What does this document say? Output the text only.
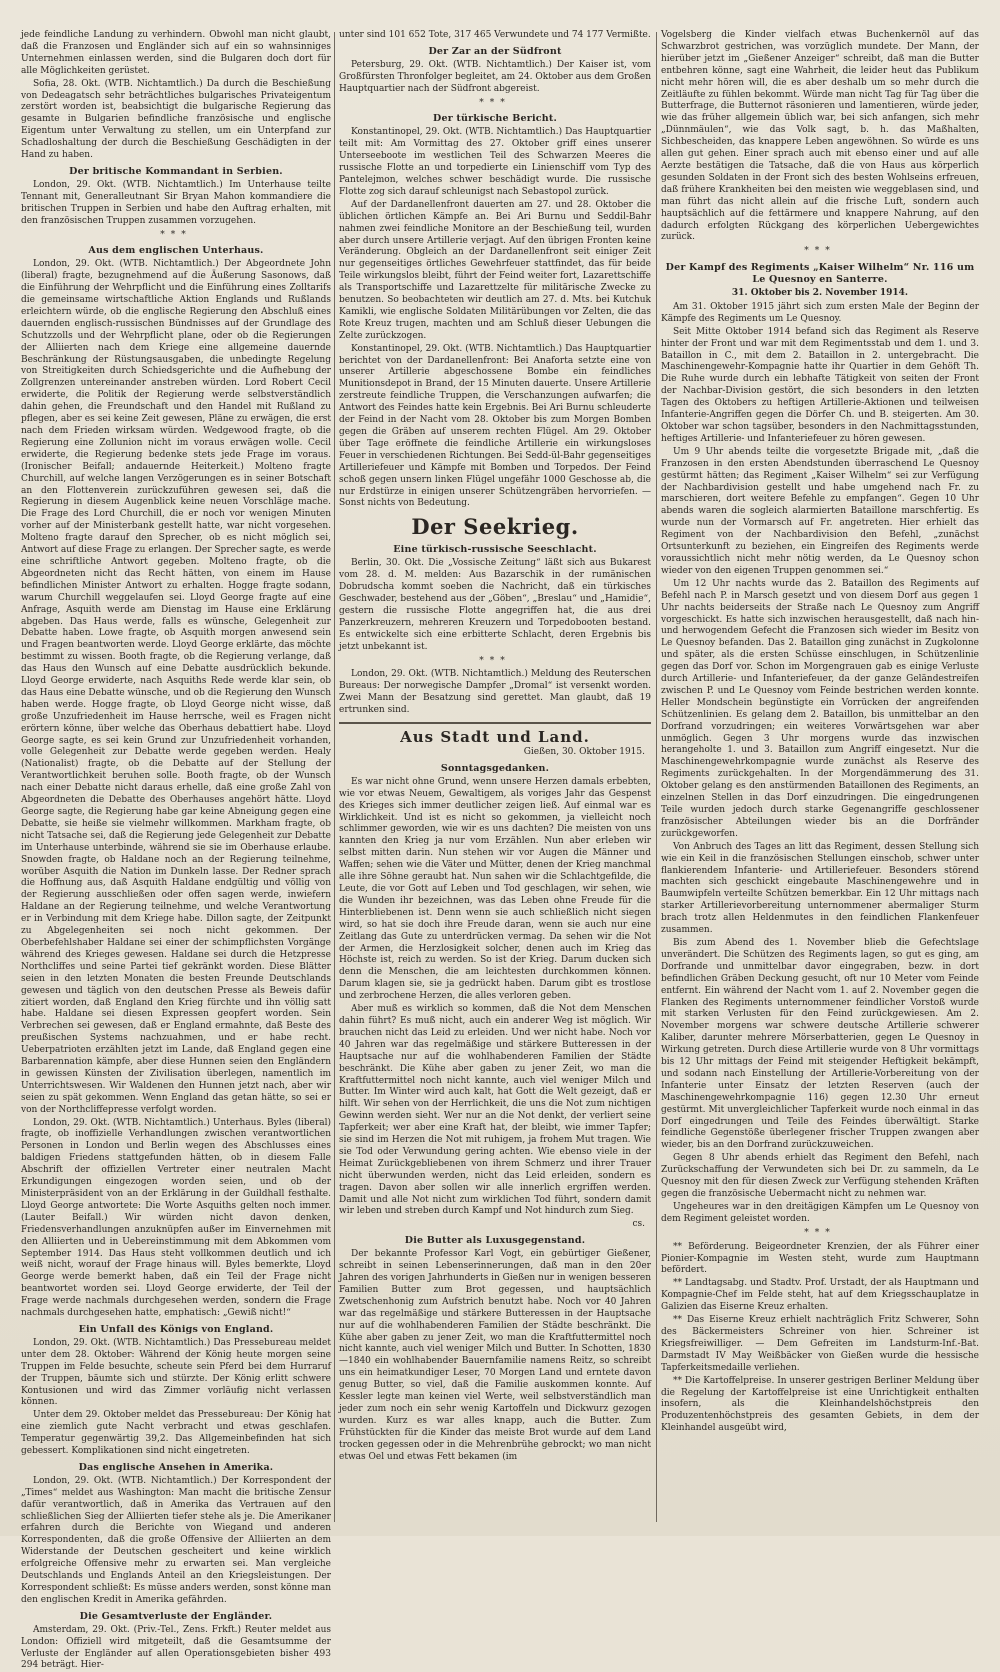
jede feindliche Landung zu verhindern. Obwohl man nicht glaubt, daß die Franzosen und Engländer sich auf ein so wahnsinniges Unternehmen einlassen werden, sind die Bulgaren doch dort für alle Möglichkeiten gerüstet.

Sofia, 28. Okt. (WTB. Nichtamtlich.) Da durch die Beschießung von Dedeagatsch sehr beträchtliches bulgarisches Privateigentum zerstört worden ist, beabsichtigt die bulgarische Regierung das gesamte in Bulgarien befindliche französische und englische Eigentum unter Verwaltung zu stellen, um ein Unterpfand zur Schadloshaltung der durch die Beschießung Geschädigten in der Hand zu haben.

Der britische Kommandant in Serbien.

London, 29. Okt. (WTB. Nichtamtlich.) Im Unterhause teilte Tennant mit, Generalleutnant Sir Bryan Mahon kommandiere die britischen Truppen in Serbien und habe den Auftrag erhalten, mit den französischen Truppen zusammen vorzugehen.

***
Aus dem englischen Unterhaus.

London, 29. Okt. (WTB. Nichtamtlich.) Der Abgeordnete John (liberal) fragte, bezugnehmend auf die Äußerung Sasonows, daß die Einführung der Wehrpflicht und die Einführung eines Zolltarifs die gemeinsame wirtschaftliche Aktion Englands und Rußlands erleichtern würde, ob die englische Regierung den Abschluß eines dauernden englisch-russischen Bündnisses auf der Grundlage des Schutzzolls und der Wehrpflicht plane, oder ob die Regierungen der Alliierten nach dem Kriege eine allgemeine dauernde Beschränkung der Rüstungsausgaben, die unbedingte Regelung von Streitigkeiten durch Schiedsgerichte und die Aufhebung der Zollgrenzen untereinander anstreben würden. Lord Robert Cecil erwiderte, die Politik der Regierung werde selbstverständlich dahin gehen, die Freundschaft und den Handel mit Rußland zu pflegen, aber es sei keine Zeit gewesen, Pläne zu erwägen, die erst nach dem Frieden wirksam würden. Wedgewood fragte, ob die Regierung eine Zollunion nicht im voraus erwägen wolle. Cecil erwiderte, die Regierung bedenke stets jede Frage im voraus. (Ironischer Beifall; andauernde Heiterkeit.) Molteno fragte Churchill, auf welche langen Verzögerungen es in seiner Botschaft an den Flottenverein zurückzuführen gewesen sei, daß die Regierung in diesem Augenblick keine neuen Vorschläge mache. Die Frage des Lord Churchill, die er noch vor wenigen Minuten vorher auf der Ministerbank gestellt hatte, war nicht vorgesehen. Molteno fragte darauf den Sprecher, ob es nicht möglich sei, Antwort auf diese Frage zu erlangen. Der Sprecher sagte, es werde eine schriftliche Antwort gegeben. Molteno fragte, ob die Abgeordneten nicht das Recht hätten, von einem im Hause befindlichen Minister Antwort zu erhalten. Hogge fragte sodann, warum Churchill weggelaufen sei. Lloyd George fragte auf eine Anfrage, Asquith werde am Dienstag im Hause eine Erklärung abgeben. Das Haus werde, falls es wünsche, Gelegenheit zur Debatte haben. Lowe fragte, ob Asquith morgen anwesend sein und Fragen beantworten werde. Lloyd George erklärte, das möchte bestimmt zu wissen. Booth fragte, ob die Regierung verlange, daß das Haus den Wunsch auf eine Debatte ausdrücklich bekunde. Lloyd George erwiderte, nach Asquiths Rede werde klar sein, ob das Haus eine Debatte wünsche, und ob die Regierung den Wunsch haben werde. Hogge fragte, ob Lloyd George nicht wisse, daß große Unzufriedenheit im Hause herrsche, weil es Fragen nicht erörtern könne, über welche das Oberhaus debattiert habe. Lloyd George sagte, es sei kein Grund zur Unzufriedenheit vorhanden, volle Gelegenheit zur Debatte werde gegeben werden. Healy (Nationalist) fragte, ob die Debatte auf der Stellung der Verantwortlichkeit beruhen solle. Booth fragte, ob der Wunsch nach einer Debatte nicht daraus erhelle, daß eine große Zahl von Abgeordneten die Debatte des Oberhauses angehört hätte. Lloyd George sagte, die Regierung habe gar keine Abneigung gegen eine Debatte, sie heiße sie vielmehr willkommen. Markham fragte, ob nicht Tatsache sei, daß die Regierung jede Gelegenheit zur Debatte im Unterhause unterbinde, während sie sie im Oberhause erlaube. Snowden fragte, ob Haldane noch an der Regierung teilnehme, worüber Asquith die Nation im Dunkeln lasse. Der Redner sprach die Hoffnung aus, daß Asquith Haldane endgültig und völlig von der Regierung ausschließen oder offen sagen werde, inwiefern Haldane an der Regierung teilnehme, und welche Verantwortung er in Verbindung mit dem Kriege habe. Dillon sagte, der Zeitpunkt zu Abgelegenheiten sei noch nicht gekommen. Der Oberbefehlshaber Haldane sei einer der schimpflichsten Vorgänge während des Krieges gewesen. Haldane sei durch die Hetzpresse Northcliffes und seine Partei tief gekränkt worden. Diese Blätter seien in den letzten Monaten die besten Freunde Deutschlands gewesen und täglich von den deutschen Presse als Beweis dafür zitiert worden, daß England den Krieg fürchte und ihn völlig satt habe. Haldane sei diesen Expressen geopfert worden. Sein Verbrechen sei gewesen, daß er England ermahnte, daß Beste des preußischen Systems nachzuahmen, und er habe recht. Ueberpatrioten erzählten jetzt im Lande, daß England gegen eine Barbarennation kämpfe, aber diese Hunnen seien den Engländern in gewissen Künsten der Zivilisation überlegen, namentlich im Unterrichtswesen. Wir Waldenen den Hunnen jetzt nach, aber wir seien zu spät gekommen. Wenn England das getan hätte, so sei er von der Northcliffepresse verfolgt worden.

London, 29. Okt. (WTB. Nichtamtlich.) Unterhaus. Byles (liberal) fragte, ob inoffizielle Verhandlungen zwischen verantwortlichen Personen in London und Berlin wegen des Abschlusses eines baldigen Friedens stattgefunden hätten, ob in diesem Falle Abschrift der offiziellen Vertreter einer neutralen Macht Erkundigungen eingezogen worden seien, und ob der Ministerpräsident von an der Erklärung in der Guildhall festhalte. Lloyd George antwortete: Die Worte Asquiths gelten noch immer. (Lauter Beifall.) Wir würden nicht davon denken, Friedensverhandlungen anzuknüpfen außer im Einvernehmen mit den Alliierten und in Uebereinstimmung mit dem Abkommen vom September 1914. Das Haus steht vollkommen deutlich und ich weiß nicht, worauf der Frage hinaus will. Byles bemerkte, Lloyd George werde bemerkt haben, daß ein Teil der Frage nicht beantwortet worden sei. Lloyd George erwiderte, der Teil der Frage werde nachmals durchgesehen werden, sondern die Frage nachmals durchgesehen hatte, emphatisch: „Gewiß nicht!“

Ein Unfall des Königs von England.

London, 29. Okt. (WTB. Nichtamtlich.) Das Pressebureau meldet unter dem 28. Oktober: Während der König heute morgen seine Truppen im Felde besuchte, scheute sein Pferd bei dem Hurraruf der Truppen, bäumte sich und stürzte. Der König erlitt schwere Kontusionen und wird das Zimmer vorläufig nicht verlassen können.

Unter dem 29. Oktober meldet das Pressebureau: Der König hat eine ziemlich gute Nacht verbracht und etwas geschlafen. Temperatur gegenwärtig 39,2. Das Allgemeinbefinden hat sich gebessert. Komplikationen sind nicht eingetreten.

Das englische Ansehen in Amerika.

London, 29. Okt. (WTB. Nichtamtlich.) Der Korrespondent der „Times“ meldet aus Washington: Man macht die britische Zensur dafür verantwortlich, daß in Amerika das Vertrauen auf den schließlichen Sieg der Alliierten tiefer stehe als je. Die Amerikaner erfahren durch die Berichte von Wiegand und anderen Korrespondenten, daß die große Offensive der Alliierten an dem Widerstande der Deutschen gescheitert und keine wirklich erfolgreiche Offensive mehr zu erwarten sei. Man vergleiche Deutschlands und Englands Anteil an den Kriegsleistungen. Der Korrespondent schließt: Es müsse anders werden, sonst könne man den englischen Kredit in Amerika gefährden.

Die Gesamtverluste der Engländer.

Amsterdam, 29. Okt. (Priv.-Tel., Zens. Frkft.) Reuter meldet aus London: Offiziell wird mitgeteilt, daß die Gesamtsumme der Verluste der Engländer auf allen Operationsgebieten bisher 493 294 beträgt. Hier-

unter sind 101 652 Tote, 317 465 Verwundete und 74 177 Vermißte.

Der Zar an der Südfront

Petersburg, 29. Okt. (WTB. Nichtamtlich.) Der Kaiser ist, vom Großfürsten Thronfolger begleitet, am 24. Oktober aus dem Großen Hauptquartier nach der Südfront abgereist.

***
Der türkische Bericht.

Konstantinopel, 29. Okt. (WTB. Nichtamtlich.) Das Hauptquartier teilt mit: Am Vormittag des 27. Oktober griff eines unserer Unterseeboote im westlichen Teil des Schwarzen Meeres die russische Flotte an und torpedierte ein Linienschiff vom Typ des Pantelejmon, welches schwer beschädigt wurde. Die russische Flotte zog sich darauf schleunigst nach Sebastopol zurück.

Auf der Dardanellenfront dauerten am 27. und 28. Oktober die üblichen örtlichen Kämpfe an. Bei Ari Burnu und Seddil-Bahr nahmen zwei feindliche Monitore an der Beschießung teil, wurden aber durch unsere Artillerie verjagt. Auf den übrigen Fronten keine Veränderung. Obgleich an der Dardanellenfront seit einiger Zeit nur gegenseitiges örtliches Gewehrfeuer stattfindet, das für beide Teile wirkungslos bleibt, führt der Feind weiter fort, Lazarettschiffe als Transportschiffe und Lazarettzelte für militärische Zwecke zu benutzen. So beobachteten wir deutlich am 27. d. Mts. bei Kutchuk Kamikli, wie englische Soldaten Militärübungen vor Zelten, die das Rote Kreuz trugen, machten und am Schluß dieser Uebungen die Zelte zurückzogen.

Konstantinopel, 29. Okt. (WTB. Nichtamtlich.) Das Hauptquartier berichtet von der Dardanellenfront: Bei Anaforta setzte eine von unserer Artillerie abgeschossene Bombe ein feindliches Munitionsdepot in Brand, der 15 Minuten dauerte. Unsere Artillerie zerstreute feindliche Truppen, die Verschanzungen aufwarfen; die Antwort des Feindes hatte kein Ergebnis. Bei Ari Burnu schleuderte der Feind in der Nacht vom 28. Oktober bis zum Morgen Bomben gegen die Gräben auf unserem rechten Flügel. Am 29. Oktober über Tage eröffnete die feindliche Artillerie ein wirkungsloses Feuer in verschiedenen Richtungen. Bei Sedd-ül-Bahr gegenseitiges Artilleriefeuer und Kämpfe mit Bomben und Torpedos. Der Feind schoß gegen unsern linken Flügel ungefähr 1000 Geschosse ab, die nur Erdstürze in einigen unserer Schützengräben hervorriefen. — Sonst nichts von Bedeutung.

Der Seekrieg.
Eine türkisch-russische Seeschlacht.

Berlin, 30. Okt. Die „Vossische Zeitung“ läßt sich aus Bukarest vom 28. d. M. melden: Aus Bazarschik in der rumänischen Dobrudscha kommt soeben die Nachricht, daß ein türkisches Geschwader, bestehend aus der „Göben“, „Breslau“ und „Hamidie“, gestern die russische Flotte angegriffen hat, die aus drei Panzerkreuzern, mehreren Kreuzern und Torpedobooten bestand. Es entwickelte sich eine erbitterte Schlacht, deren Ergebnis bis jetzt unbekannt ist.

***

London, 29. Okt. (WTB. Nichtamtlich.) Meldung des Reuterschen Bureaus: Der norwegische Dampfer „Dromal“ ist versenkt worden. Zwei Mann der Besatzung sind gerettet. Man glaubt, daß 19 ertrunken sind.

Aus Stadt und Land.
Gießen, 30. Oktober 1915.
Sonntagsgedanken.

Es war nicht ohne Grund, wenn unsere Herzen damals erbebten, wie vor etwas Neuem, Gewaltigem, als voriges Jahr das Gespenst des Krieges sich immer deutlicher zeigen ließ. Auf einmal war es Wirklichkeit. Und ist es nicht so gekommen, ja vielleicht noch schlimmer geworden, wie wir es uns dachten? Die meisten von uns kannten den Krieg ja nur vom Erzählen. Nun aber erleben wir selbst mitten darin. Nun stehen wir vor Augen die Männer und Waffen; sehen wie die Väter und Mütter, denen der Krieg manchmal alle ihre Söhne geraubt hat. Nun sahen wir die Schlachtgefilde, die Leute, die vor Gott auf Leben und Tod geschlagen, wir sehen, wie die Wunden ihr bezeichnen, was das Leben ohne Freude für die Hinterbliebenen ist. Denn wenn sie auch schließlich nicht siegen wird, so hat sie doch ihre Freude daran, wenn sie auch nur eine Zeitlang das Gute zu unterdrücken vermag. Da sehen wir die Not der Armen, die Herzlosigkeit solcher, denen auch im Krieg das Höchste ist, reich zu werden. So ist der Krieg. Darum ducken sich denn die Menschen, die am leichtesten durchkommen können. Darum klagen sie, sie ja gedrückt haben. Darum gibt es trostlose und zerbrochene Herzen, die alles verloren geben.

Aber muß es wirklich so kommen, daß die Not dem Menschen dahin führt? Es muß nicht, auch ein anderer Weg ist möglich. Wir brauchen nicht das Leid zu erleiden. Und wer nicht habe. Noch vor 40 Jahren war das regelmäßige und stärkere Butteressen in der Hauptsache nur auf die wohlhabenderen Familien der Städte beschränkt. Die Kühe aber gaben zu jener Zeit, wo man die Kraftfuttermittel noch nicht kannte, auch viel weniger Milch und Butter. Im Winter wird auch kalt, hat Gott die Welt gezeigt, daß er hilft. Wir sehen von der Herrlichkeit, die uns die Not zum nichtigen Gewinn werden sieht. Wer nur an die Not denkt, der verliert seine Tapferkeit; wer aber eine Kraft hat, der bleibt, wie immer Tapfer; sie sind im Herzen die Not mit ruhigem, ja frohem Mut tragen. Wie sie Tod oder Verwundung gering achten. Wie ebenso viele in der Heimat Zurückgebliebenen von ihrem Schmerz und ihrer Trauer nicht überwunden werden, nicht das Leid erleiden, sondern es tragen. Davon aber sollen wir alle innerlich ergriffen werden. Damit und alle Not nicht zum wirklichen Tod führt, sondern damit wir leben und streben durch Kampf und Not hindurch zum Sieg.

cs.
Die Butter als Luxusgegenstand.

Der bekannte Professor Karl Vogt, ein gebürtiger Gießener, schreibt in seinen Lebenserinnerungen, daß man in den 20er Jahren des vorigen Jahrhunderts in Gießen nur in wenigen besseren Familien Butter zum Brot gegessen, und hauptsächlich Zwetschenhonig zum Aufstrich benutzt habe. Noch vor 40 Jahren war das regelmäßige und stärkere Butteressen in der Hauptsache nur auf die wohlhabenderen Familien der Städte beschränkt. Die Kühe aber gaben zu jener Zeit, wo man die Kraftfuttermittel noch nicht kannte, auch viel weniger Milch und Butter. In Schotten, 1830—1840 ein wohlhabender Bauernfamilie namens Reitz, so schreibt uns ein heimatkundiger Leser, 70 Morgen Land und erntete davon genug Butter, so viel, daß die Familie auskommen konnte. Auf Kessler legte man keinen viel Werte, weil selbstverständlich man jeder zum noch ein sehr wenig Kartoffeln und Dickwurz gezogen wurden. Kurz es war alles knapp, auch die Butter. Zum Frühstückten für die Kinder das meiste Brot wurde auf dem Land trocken gegessen oder in die Mehrenbrühe gebrockt; wo man nicht etwas Oel und etwas Fett bekamen (im

Vogelsberg die Kinder vielfach etwas Buchenkernöl auf das Schwarzbrot gestrichen, was vorzüglich mundete. Der Mann, der hierüber jetzt im „Gießener Anzeiger“ schreibt, daß man die Butter entbehren könne, sagt eine Wahrheit, die leider heut das Publikum nicht mehr hören will, die es aber deshalb um so mehr durch die Zeitläufte zu fühlen bekommt. Würde man nicht Tag für Tag über die Butterfrage, die Butternot räsonieren und lamentieren, würde jeder, wie das früher allgemein üblich war, bei sich anfangen, sich mehr „Dünnmäulen“, wie das Volk sagt, b. h. das Maßhalten, Sichbescheiden, das knappere Leben angewöhnen. So würde es uns allen gut gehen. Einer sprach auch mit ebenso einer und auf alle Aerzte bestätigen die Tatsache, daß die von Haus aus körperlich gesunden Soldaten in der Front sich des besten Wohlseins erfreuen, daß frühere Krankheiten bei den meisten wie weggeblasen sind, und man führt das nicht allein auf die frische Luft, sondern auch hauptsächlich auf die fettärmere und knappere Nahrung, auf den dadurch erfolgten Rückgang des körperlichen Uebergewichtes zurück.

***
Der Kampf des Regiments „Kaiser Wilhelm“ Nr. 116 um Le Quesnoy en Santerre.
31. Oktober bis 2. November 1914.

Am 31. Oktober 1915 jährt sich zum ersten Male der Beginn der Kämpfe des Regiments um Le Quesnoy.

Seit Mitte Oktober 1914 befand sich das Regiment als Reserve hinter der Front und war mit dem Regimentsstab und dem 1. und 3. Bataillon in C., mit dem 2. Bataillon in 2. untergebracht. Die Maschinengewehr-Kompagnie hatte ihr Quartier in dem Gehöft Th. Die Ruhe wurde durch ein lebhafte Tätigkeit von seiten der Front der Nachbar-Division gestört, die sich besonders in den letzten Tagen des Oktobers zu heftigen Artillerie-Aktionen und teilweisen Infanterie-Angriffen gegen die Dörfer Ch. und B. steigerten. Am 30. Oktober war schon tagsüber, besonders in den Nachmittagsstunden, heftiges Artillerie- und Infanteriefeuer zu hören gewesen.

Um 9 Uhr abends teilte die vorgesetzte Brigade mit, „daß die Franzosen in den ersten Abendstunden überraschend Le Quesnoy gestürmt hätten; das Regiment „Kaiser Wilhelm“ sei zur Verfügung der Nachbardivision gestellt und habe umgehend nach Fr. zu marschieren, dort weitere Befehle zu empfangen“. Gegen 10 Uhr abends waren die sogleich alarmierten Bataillone marschfertig. Es wurde nun der Vormarsch auf Fr. angetreten. Hier erhielt das Regiment von der Nachbardivision den Befehl, „zunächst Ortsunterkunft zu beziehen, ein Eingreifen des Regiments werde voraussichtlich nicht mehr nötig werden, da Le Quesnoy schon wieder von den eigenen Truppen genommen sei.“

Um 12 Uhr nachts wurde das 2. Bataillon des Regiments auf Befehl nach P. in Marsch gesetzt und von diesem Dorf aus gegen 1 Uhr nachts beiderseits der Straße nach Le Quesnoy zum Angriff vorgeschickt. Es hatte sich inzwischen herausgestellt, daß nach hin- und herwogendem Gefecht die Franzosen sich wieder im Besitz von Le Quesnoy befanden. Das 2. Bataillon ging zunächst in Zugkolonne und später, als die ersten Schüsse einschlugen, in Schützenlinie gegen das Dorf vor. Schon im Morgengrauen gab es einige Verluste durch Artillerie- und Infanteriefeuer, da der ganze Geländestreifen zwischen P. und Le Quesnoy vom Feinde bestrichen werden konnte. Heller Mondschein begünstigte ein Vorrücken der angreifenden Schützenlinien. Es gelang dem 2. Bataillon, bis unmittelbar an den Dorfrand vorzudringen; ein weiteres Vorwärtsgehen war aber unmöglich. Gegen 3 Uhr morgens wurde das inzwischen herangeholte 1. und 3. Bataillon zum Angriff eingesetzt. Nur die Maschinengewehrkompagnie wurde zunächst als Reserve des Regiments zurückgehalten. In der Morgendämmerung des 31. Oktober gelang es den anstürmenden Bataillonen des Regiments, an einzelnen Stellen in das Dorf einzudringen. Die eingedrungenen Teile wurden jedoch durch starke Gegenangriffe geschlossener französischer Abteilungen wieder bis an die Dorfränder zurückgeworfen.

Von Anbruch des Tages an litt das Regiment, dessen Stellung sich wie ein Keil in die französischen Stellungen einschob, schwer unter flankierendem Infanterie- und Artilleriefeuer. Besonders störend machten sich geschickt eingebaute Maschinengewehre und in Baumwipfeln verteilte Schützen bemerkbar. Ein 12 Uhr mittags nach starker Artillerievorbereitung unternommener abermaliger Sturm brach trotz allen Heldenmutes in den feindlichen Flankenfeuer zusammen.

Bis zum Abend des 1. November blieb die Gefechtslage unverändert. Die Schützen des Regiments lagen, so gut es ging, am Dorfrande und unmittelbar davor eingegraben, bezw. in dort befindlichen Gräben Deckung gesucht, oft nur 10 Meter vom Feinde entfernt. Ein während der Nacht vom 1. auf 2. November gegen die Flanken des Regiments unternommener feindlicher Vorstoß wurde mit starken Verlusten für den Feind zurückgewiesen. Am 2. November morgens war schwere deutsche Artillerie schwerer Kaliber, darunter mehrere Mörserbatterien, gegen Le Quesnoy in Wirkung getreten. Durch diese Artillerie wurde von 8 Uhr vormittags bis 12 Uhr mittags der Feind mit steigender Heftigkeit bekämpft, und sodann nach Einstellung der Artillerie-Vorbereitung von der Infanterie unter Einsatz der letzten Reserven (auch der Maschinengewehrkompagnie 116) gegen 12.30 Uhr erneut gestürmt. Mit unvergleichlicher Tapferkeit wurde noch einmal in das Dorf eingedrungen und Teile des Feindes überwältigt. Starke feindliche Gegenstöße überlegener frischer Truppen zwangen aber wieder, bis an den Dorfrand zurückzuweichen.

Gegen 8 Uhr abends erhielt das Regiment den Befehl, nach Zurückschaffung der Verwundeten sich bei Dr. zu sammeln, da Le Quesnoy mit den für diesen Zweck zur Verfügung stehenden Kräften gegen die französische Uebermacht nicht zu nehmen war.

Ungeheures war in den dreitägigen Kämpfen um Le Quesnoy von dem Regiment geleistet worden.

***

** Beförderung. Beigeordneter Krenzien, der als Führer einer Pionier-Kompagnie im Westen steht, wurde zum Hauptmann befördert.

** Landtagsabg. und Stadtv. Prof. Urstadt, der als Hauptmann und Kompagnie-Chef im Felde steht, hat auf dem Kriegsschauplatze in Galizien das Eiserne Kreuz erhalten.

** Das Eiserne Kreuz erhielt nachträglich Fritz Schwerer, Sohn des Bäckermeisters Schreiner von hier. Schreiner ist Kriegsfreiwilliger. — Dem Gefreiten im Landsturm-Inf.-Bat. Darmstadt IV May Weißbäcker von Gießen wurde die hessische Tapferkeitsmedaille verliehen.

** Die Kartoffelpreise. In unserer gestrigen Berliner Meldung über die Regelung der Kartoffelpreise ist eine Unrichtigkeit enthalten insofern, als die Kleinhandelshöchstpreis den Produzentenhöchstpreis des gesamten Gebiets, in dem der Kleinhandel ausgeübt wird,
